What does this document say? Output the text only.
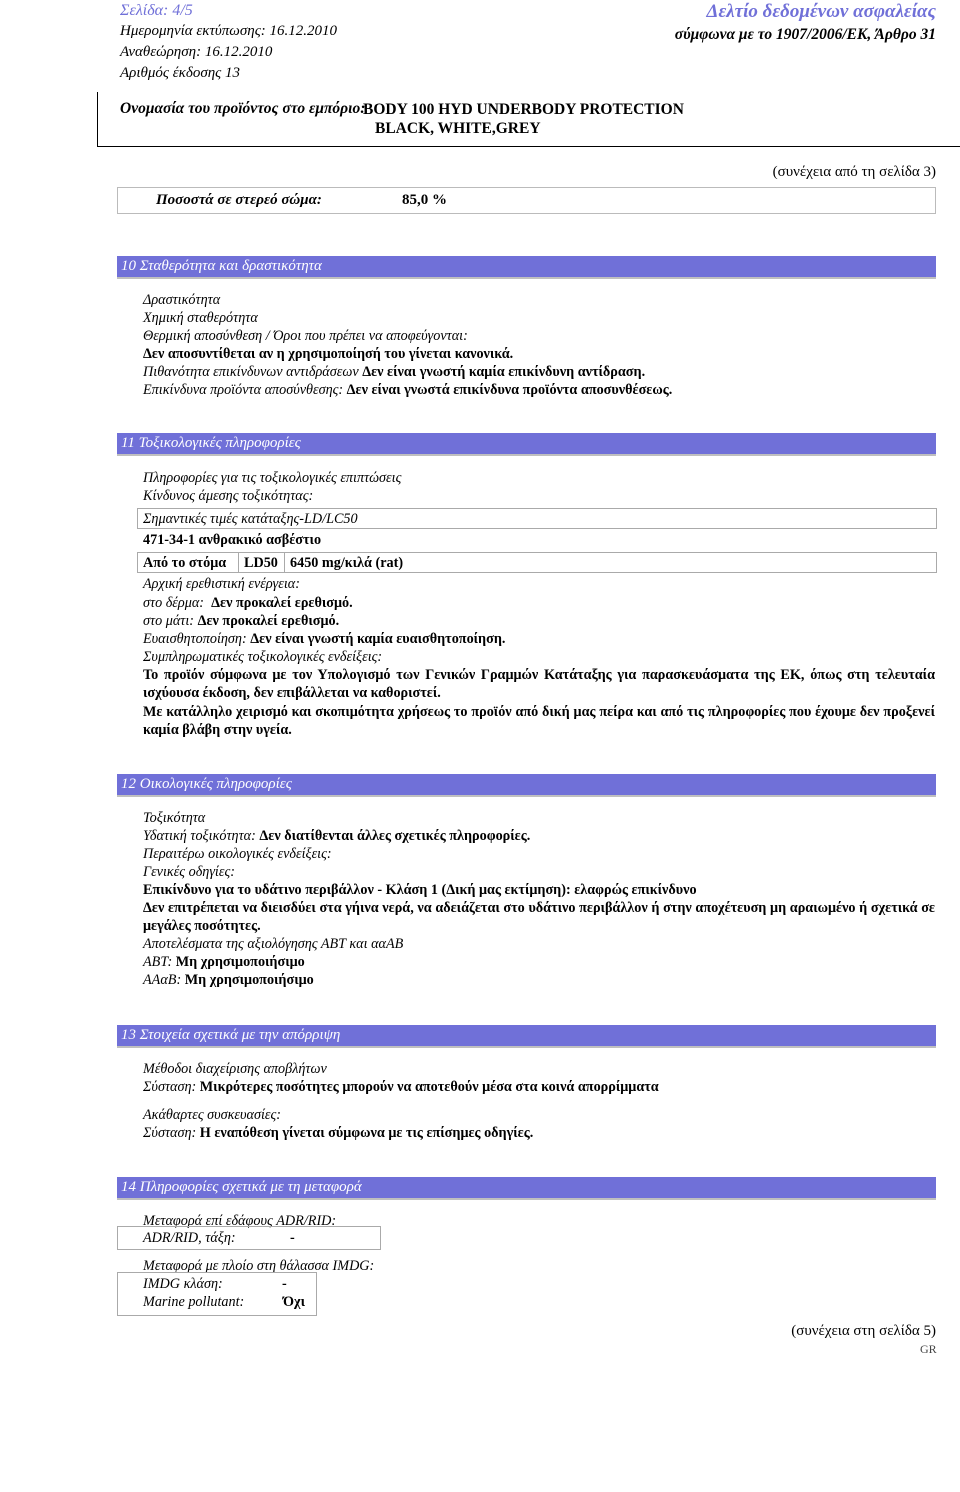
Σελίδα: 4/5
Ημερομηνία εκτύπωσης: 16.12.2010
Αναθεώρηση: 16.12.2010
Αριθμός έκδοσης 13
Δελτίο δεδομένων ασφαλείας
σύμφωνα με το 1907/2006/ΕΚ, Άρθρο 31
Ονομασία του προϊόντος στο εμπόριο:
BODY 100 HYD UNDERBODY PROTECTION
BLACK, WHITE,GREY
(συνέχεια από τη σελίδα 3)
Ποσοστά σε στερεό σώμα:	85,0 %
10 Σταθερότητα και δραστικότητα
Δραστικότητα
Χημική σταθερότητα
Θερμική αποσύνθεση / Όροι που πρέπει να αποφεύγονται:
Δεν αποσυντίθεται αν η χρησιμοποίησή του γίνεται κανονικά.
Πιθανότητα επικίνδυνων αντιδράσεων Δεν είναι γνωστή καμία επικίνδυνη αντίδραση.
Επικίνδυνα προϊόντα αποσύνθεσης: Δεν είναι γνωστά επικίνδυνα προϊόντα αποσυνθέσεως.
11 Τοξικολογικές πληροφορίες
Πληροφορίες για τις τοξικολογικές επιπτώσεις
Κίνδυνος άμεσης τοξικότητας:
Σημαντικές τιμές κατάταξης-LD/LC50
471-34-1 ανθρακικό ασβέστιο
Από το στόμα LD50 6450 mg/κιλά (rat)
Αρχική ερεθιστική ενέργεια:
στο δέρμα: Δεν προκαλεί ερεθισμό.
στο μάτι: Δεν προκαλεί ερεθισμό.
Ευαισθητοποίηση: Δεν είναι γνωστή καμία ευαισθητοποίηση.
Συμπληρωματικές τοξικολογικές ενδείξεις:
Το προϊόν σύμφωνα με τον Υπολογισμό των Γενικών Γραμμών Κατάταξης για παρασκευάσματα της ΕΚ, όπως στη τελευταία ισχύουσα έκδοση, δεν επιβάλλεται να καθοριστεί.
Με κατάλληλο χειρισμό και σκοπιμότητα χρήσεως το προϊόν από δική μας πείρα και από τις πληροφορίες που έχουμε δεν προξενεί καμία βλάβη στην υγεία.
12 Οικολογικές πληροφορίες
Τοξικότητα
Υδατική τοξικότητα: Δεν διατίθενται άλλες σχετικές πληροφορίες.
Περαιτέρω οικολογικές ενδείξεις:
Γενικές οδηγίες:
Επικίνδυνο για το υδάτινο περιβάλλον - Κλάση 1 (Δική μας εκτίμηση): ελαφρώς επικίνδυνο
Δεν επιτρέπεται να διεισδύει στα γήινα νερά, να αδειάζεται στο υδάτινο περιβάλλον ή στην αποχέτευση μη αραιωμένο ή σχετικά σε μεγάλες ποσότητες.
Αποτελέσματα της αξιολόγησης ΑΒΤ και ααΑΒ
ΑΒΤ: Μη χρησιμοποιήσιμο
ΑΑαΒ: Μη χρησιμοποιήσιμο
13 Στοιχεία σχετικά με την απόρριψη
Μέθοδοι διαχείρισης αποβλήτων
Σύσταση: Μικρότερες ποσότητες μπορούν να αποτεθούν μέσα στα κοινά απορρίμματα
Ακάθαρτες συσκευασίες:
Σύσταση: Η εναπόθεση γίνεται σύμφωνα με τις επίσημες οδηγίες.
14 Πληροφορίες σχετικά με τη μεταφορά
Μεταφορά επί εδάφους ADR/RID:
ADR/RID, τάξη:	-
Μεταφορά με πλοίο στη θάλασσα IMDG:
IMDG κλάση:	-
Marine pollutant:	Όχι
(συνέχεια στη σελίδα 5)
GR
